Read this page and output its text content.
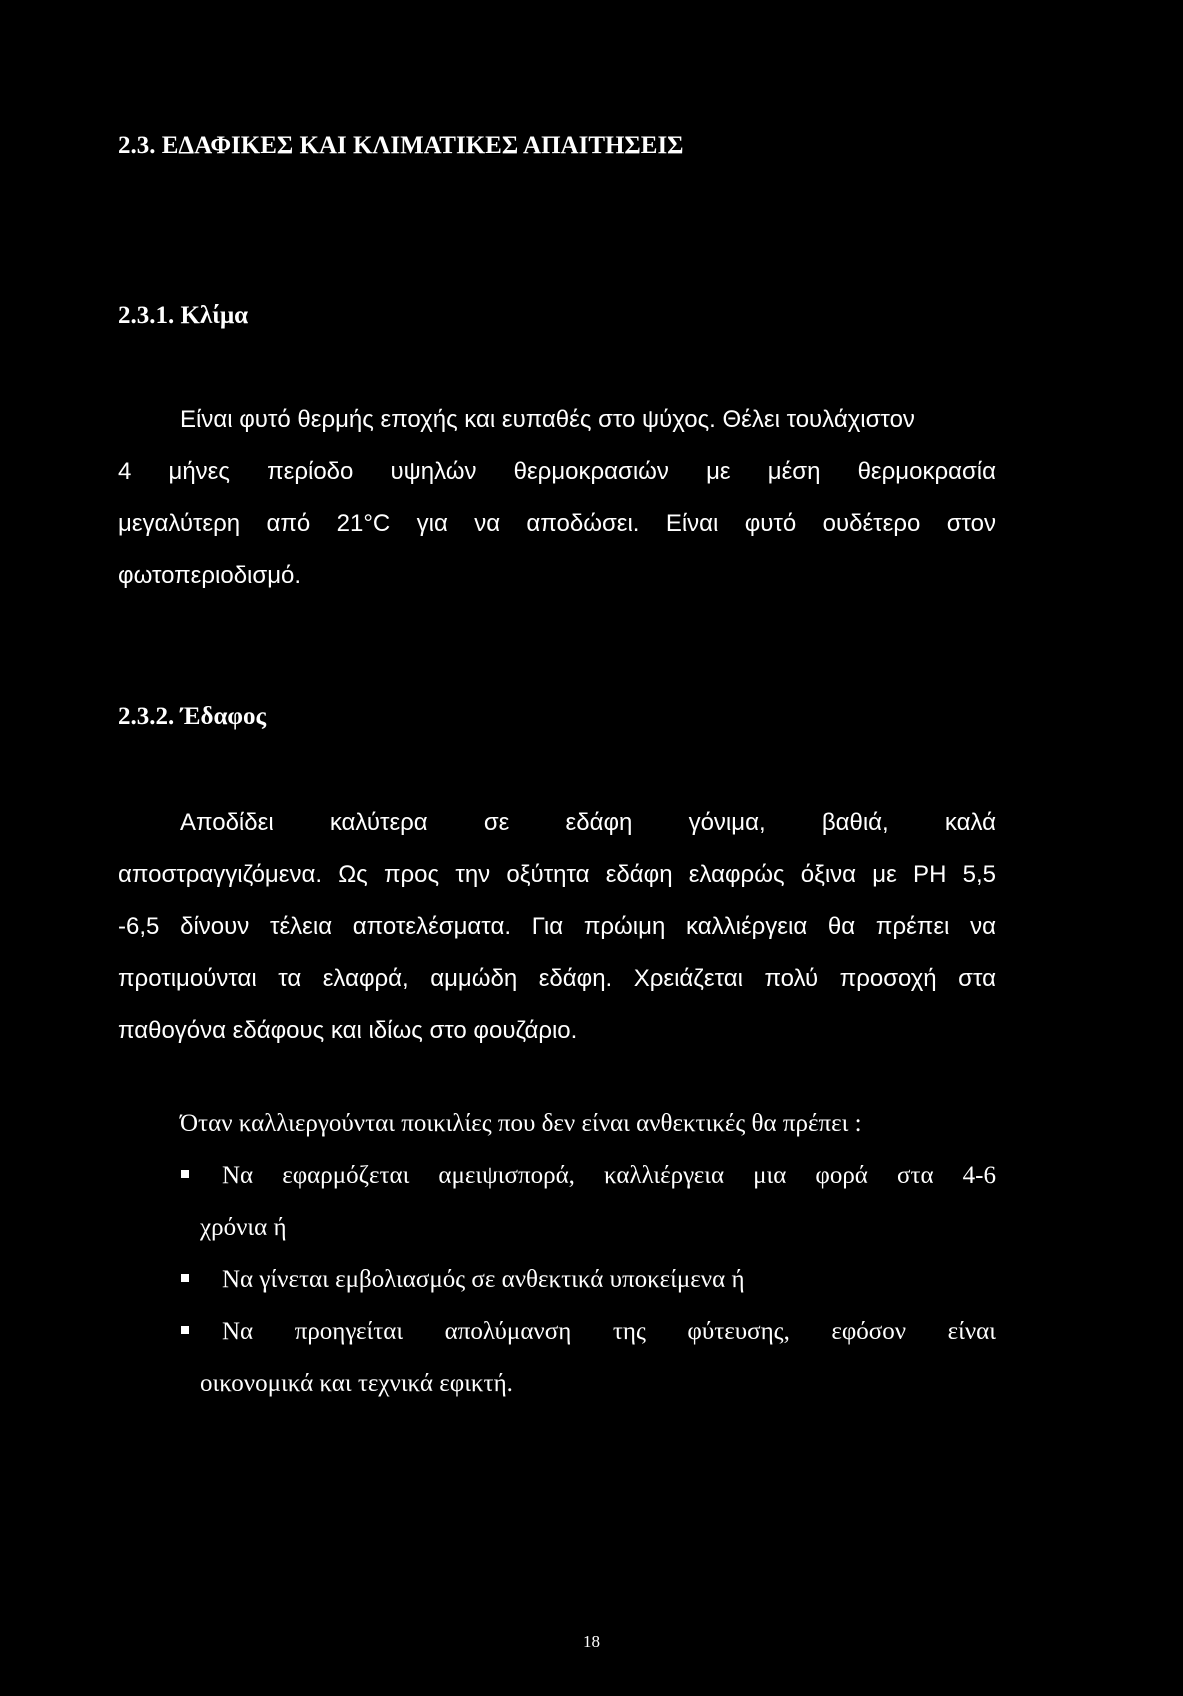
2.3. ΕΔΑΦΙΚΕΣ ΚΑΙ ΚΛΙΜΑΤΙΚΕΣ ΑΠΑΙΤΗΣΕΙΣ
2.3.1. Κλίμα
Είναι φυτό θερμής εποχής και ευπαθές στο ψύχος. Θέλει τουλάχιστον
4 μήνες περίοδο υψηλών θερμοκρασιών με μέση θερμοκρασία
μεγαλύτερη από 21°C για να αποδώσει. Είναι φυτό ουδέτερο στον
φωτοπεριοδισμό.
2.3.2. Έδαφος
Αποδίδει καλύτερα σε εδάφη γόνιμα, βαθιά, καλά
αποστραγγιζόμενα. Ως προς την οξύτητα εδάφη ελαφρώς όξινα με PH 5,5
-6,5 δίνουν τέλεια αποτελέσματα. Για πρώιμη καλλιέργεια θα πρέπει να
προτιμούνται τα ελαφρά, αμμώδη εδάφη. Χρειάζεται πολύ προσοχή στα
παθογόνα εδάφους και ιδίως στο φουζάριο.
Όταν καλλιεργούνται ποικιλίες που δεν είναι ανθεκτικές θα πρέπει :
Να εφαρμόζεται αμειψισπορά, καλλιέργεια μια φορά στα 4-6
χρόνια ή
Να γίνεται εμβολιασμός σε ανθεκτικά υποκείμενα ή
Να προηγείται απολύμανση της φύτευσης, εφόσον είναι
οικονομικά και τεχνικά εφικτή.
18
